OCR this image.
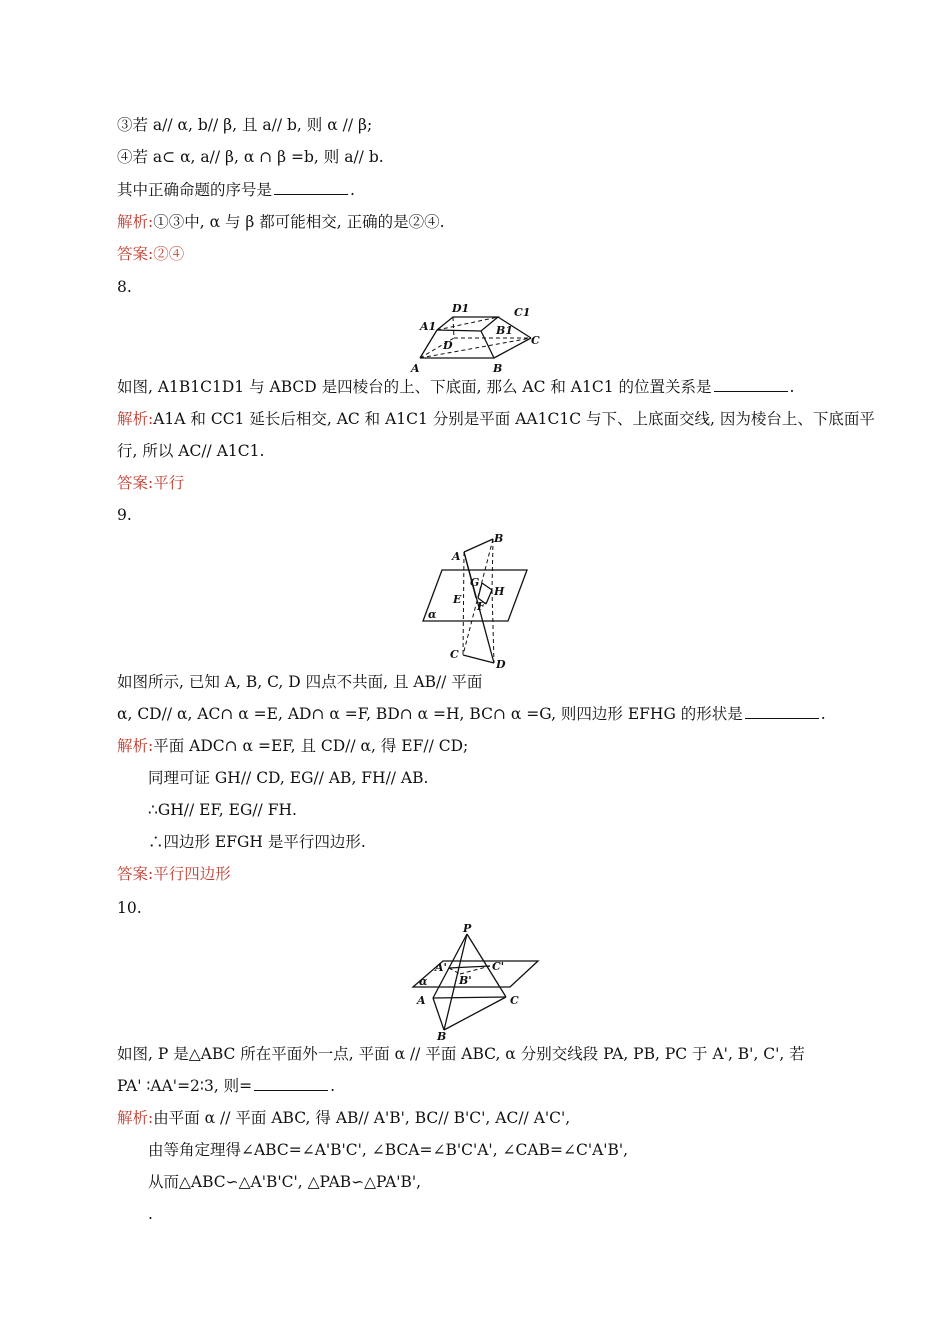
③若 a// α, b// β, 且 a// b, 则 α // β;
④若 a⊂ α, a// β, α ∩ β =b, 则 a// b.
其中正确命题的序号是	.
解析:①③中, α 与 β 都可能相交, 正确的是②④.
答案:②④
8.
D1	C1
A1	B1
D	C
A	B
如图, A1B1C1D1 与 ABCD 是四棱台的上、下底面, 那么 AC 和 A1C1 的位置关系是	.
解析:A1A 和 CC1 延长后相交, AC 和 A1C1 分别是平面 AA1C1C 与下、上底面交线, 因为棱台上、下底面平
行, 所以 AC// A1C1.
答案:平行
9.
A
B
G
H
E
F
α
C
D
如图所示, 已知 A, B, C, D 四点不共面, 且 AB// 平面
α, CD// α, AC∩ α =E, AD∩ α =F, BD∩ α =H, BC∩ α =G, 则四边形 EFHG 的形状是	.
解析:平面 ADC∩ α =EF, 且 CD// α, 得 EF// CD;
同理可证 GH// CD, EG// AB, FH// AB.
∴GH// EF, EG// FH.
∴四边形 EFGH 是平行四边形.
答案:平行四边形
10.
P
A'	C'
B'
α
A	C
B
如图, P 是△ABC 所在平面外一点, 平面 α // 平面 ABC, α 分别交线段 PA, PB, PC 于 A', B', C', 若
PA' ∶AA'=2∶3, 则=	.
解析:由平面 α // 平面 ABC, 得 AB// A'B', BC// B'C', AC// A'C',
由等角定理得∠ABC=∠A'B'C', ∠BCA=∠B'C'A', ∠CAB=∠C'A'B',
从而△ABC∽△A'B'C', △PAB∽△PA'B',
.
